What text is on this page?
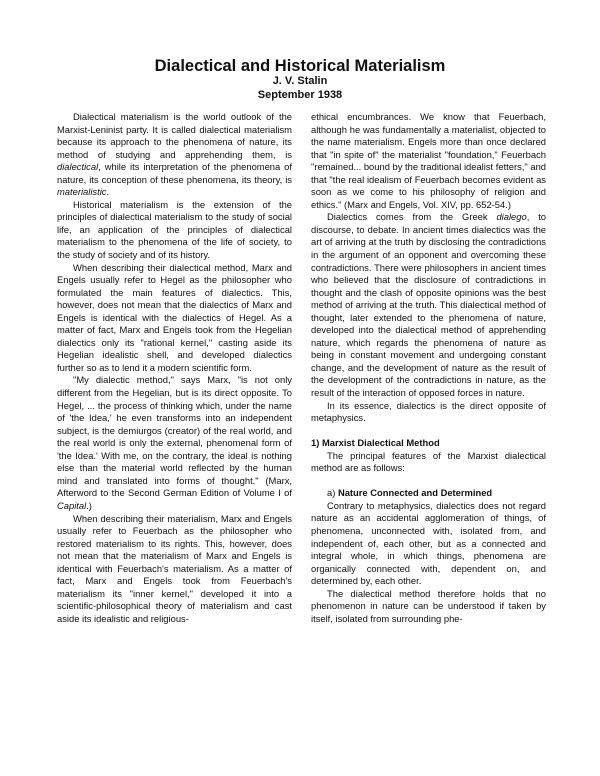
Dialectical and Historical Materialism
J. V. Stalin
September 1938

Dialectical materialism is the world outlook of the Marxist-Leninist party. It is called dialectical materialism because its approach to the phenomena of nature, its method of studying and apprehending them, is dialectical, while its interpretation of the phenomena of nature, its conception of these phenomena, its theory, is materialistic.

Historical materialism is the extension of the principles of dialectical materialism to the study of social life, an application of the principles of dialectical materialism to the phenomena of the life of society, to the study of society and of its history.

When describing their dialectical method, Marx and Engels usually refer to Hegel as the philosopher who formulated the main features of dialectics. This, however, does not mean that the dialectics of Marx and Engels is identical with the dialectics of Hegel. As a matter of fact, Marx and Engels took from the Hegelian dialectics only its "rational kernel," casting aside its Hegelian idealistic shell, and developed dialectics further so as to lend it a modern scientific form.

"My dialectic method," says Marx, "is not only different from the Hegelian, but is its direct opposite. To Hegel, ... the process of thinking which, under the name of 'the Idea,' he even transforms into an independent subject, is the demiurgos (creator) of the real world, and the real world is only the external, phenomenal form of 'the Idea.' With me, on the contrary, the ideal is nothing else than the material world reflected by the human mind and translated into forms of thought." (Marx, Afterword to the Second German Edition of Volume I of Capital.)

When describing their materialism, Marx and Engels usually refer to Feuerbach as the philosopher who restored materialism to its rights. This, however, does not mean that the materialism of Marx and Engels is identical with Feuerbach's materialism. As a matter of fact, Marx and Engels took from Feuerbach's materialism its "inner kernel," developed it into a scientific-philosophical theory of materialism and cast aside its idealistic and religious-

ethical encumbrances. We know that Feuerbach, although he was fundamentally a materialist, objected to the name materialism. Engels more than once declared that "in spite of" the materialist "foundation," Feuerbach "remained... bound by the traditional idealist fetters," and that "the real idealism of Feuerbach becomes evident as soon as we come to his philosophy of religion and ethics." (Marx and Engels, Vol. XIV, pp. 652-54.)

Dialectics comes from the Greek dialego, to discourse, to debate. In ancient times dialectics was the art of arriving at the truth by disclosing the contradictions in the argument of an opponent and overcoming these contradictions. There were philosophers in ancient times who believed that the disclosure of contradictions in thought and the clash of opposite opinions was the best method of arriving at the truth. This dialectical method of thought, later extended to the phenomena of nature, developed into the dialectical method of apprehending nature, which regards the phenomena of nature as being in constant movement and undergoing constant change, and the development of nature as the result of the development of the contradictions in nature, as the result of the interaction of opposed forces in nature.

In its essence, dialectics is the direct opposite of metaphysics.

1) Marxist Dialectical Method

The principal features of the Marxist dialectical method are as follows:

a) Nature Connected and Determined

Contrary to metaphysics, dialectics does not regard nature as an accidental agglomeration of things, of phenomena, unconnected with, isolated from, and independent of, each other, but as a connected and integral whole, in which things, phenomena are organically connected with, dependent on, and determined by, each other.

The dialectical method therefore holds that no phenomenon in nature can be understood if taken by itself, isolated from surrounding phe-
